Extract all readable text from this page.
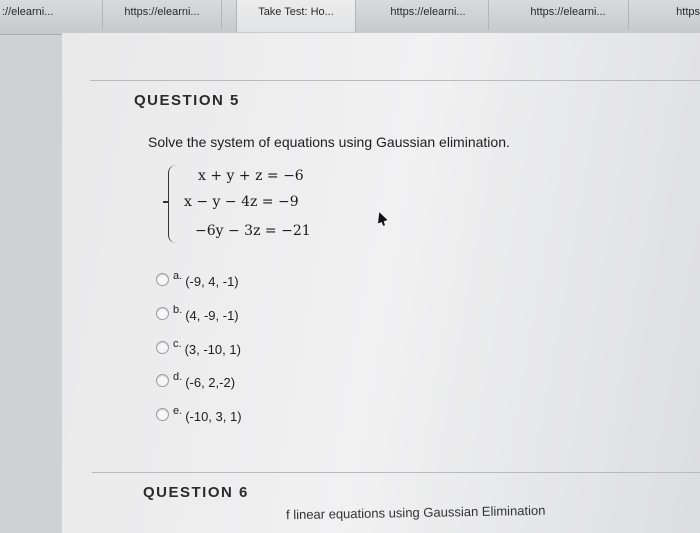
://elearni...	https://elearni...	Take Test: Ho...	https://elearni...	https://elearni...	https
QUESTION 5
Solve the system of equations using Gaussian elimination.
x + y + z = −6
x − y − 4z = −9
−6y − 3z = −21
a. (-9, 4, -1)
b. (4, -9, -1)
c. (3, -10, 1)
d. (-6, 2,-2)
e. (-10, 3, 1)
QUESTION 6
f linear equations using Gaussian Elimination
